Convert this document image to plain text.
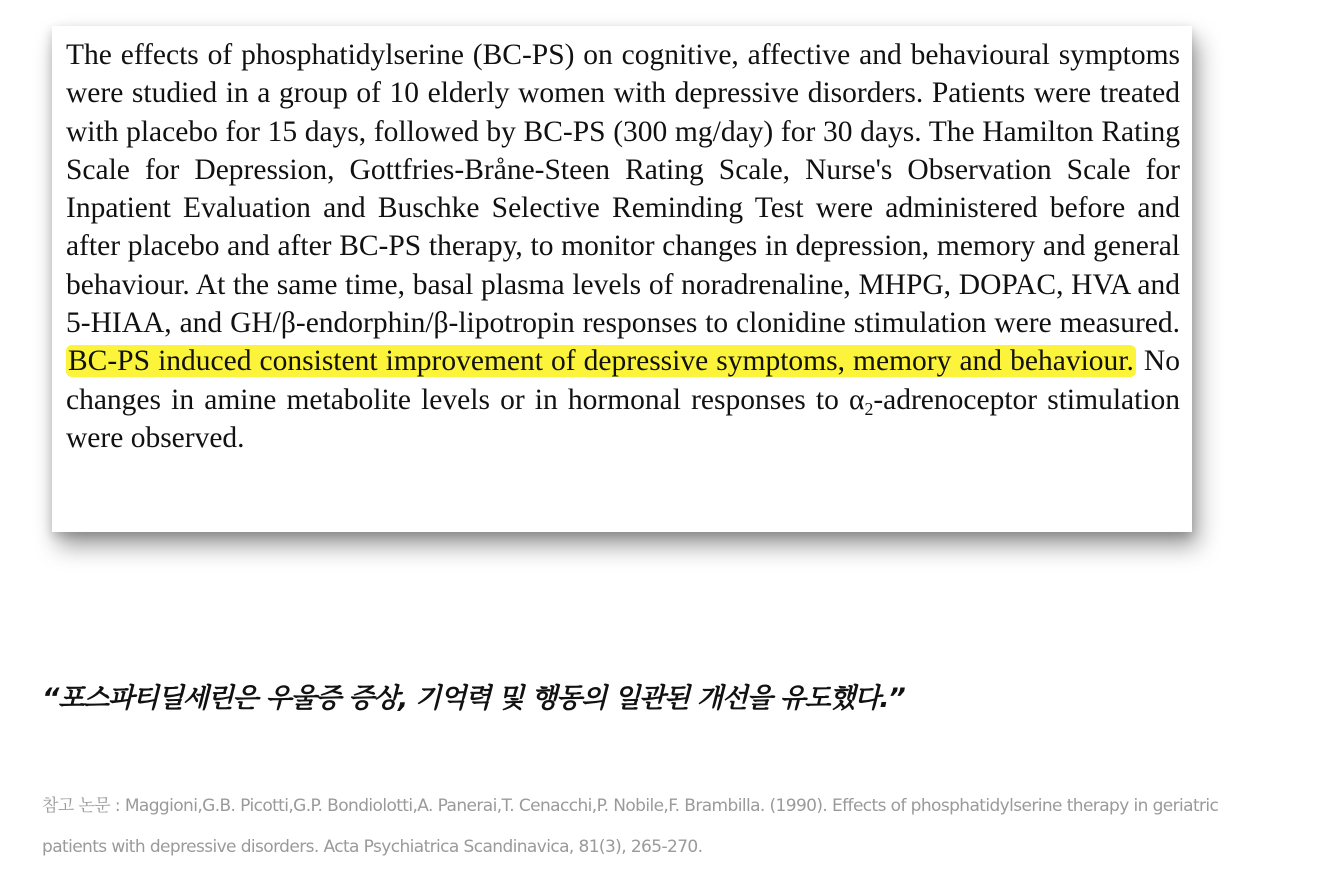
The effects of phosphatidylserine (BC-PS) on cognitive, affective and behavioural symptoms were studied in a group of 10 elderly women with depressive disorders. Patients were treated with placebo for 15 days, followed by BC-PS (300 mg/day) for 30 days. The Hamilton Rating Scale for Depression, Gottfries-Bråne-Steen Rating Scale, Nurse's Observation Scale for Inpatient Evaluation and Buschke Selective Reminding Test were administered before and after placebo and after BC-PS therapy, to monitor changes in depression, memory and general behaviour. At the same time, basal plasma levels of noradrenaline, MHPG, DOPAC, HVA and 5-HIAA, and GH/β-endorphin/β-lipotropin responses to clonidine stimulation were measured. BC-PS induced consistent improvement of depressive symptoms, memory and behaviour. No changes in amine metabolite levels or in hormonal responses to $\alpha_2$-adrenoceptor stimulation were observed.

“포스파티딜세린은 우울증 증상, 기억력 및 행동의 일관된 개선을 유도했다.”

참고 논문 : Maggioni,G.B. Picotti,G.P. Bondiolotti,A. Panerai,T. Cenacchi,P. Nobile,F. Brambilla. (1990). Effects of phosphatidylserine therapy in geriatric patients with depressive disorders. Acta Psychiatrica Scandinavica, 81(3), 265-270.
